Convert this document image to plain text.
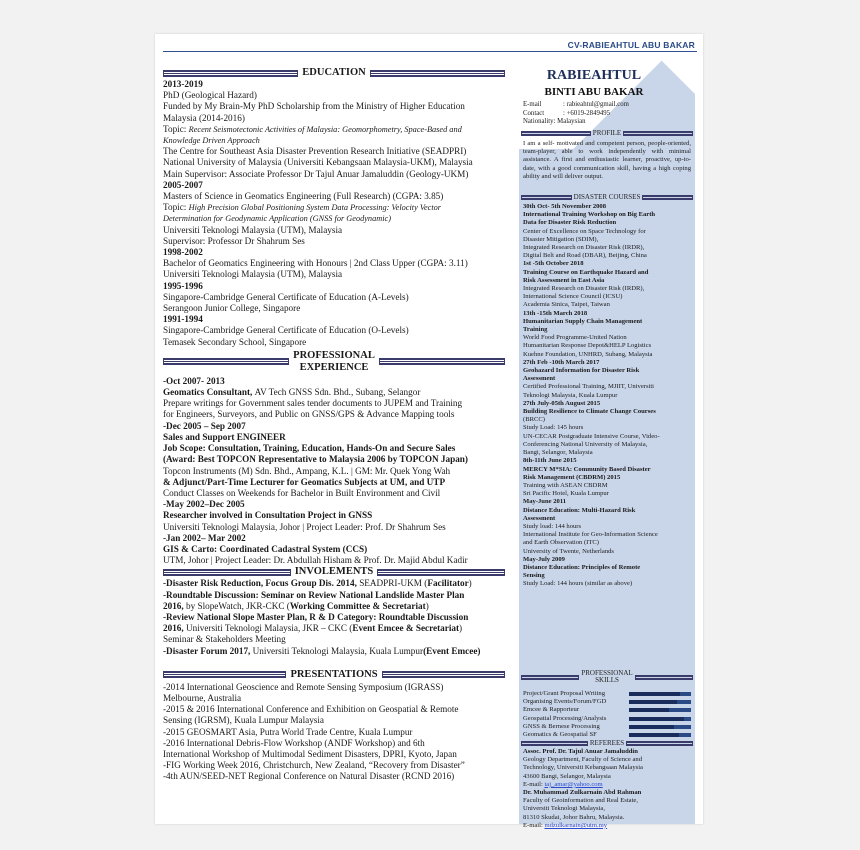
CV-RABIEAHTUL ABU BAKAR
EDUCATION
2013-2019
PhD (Geological Hazard)
Funded by My Brain-My PhD Scholarship from the Ministry of Higher Education
Malaysia (2014-2016)
Topic: Recent Seismotectonic Activities of Malaysia: Geomorphometry, Space-Based and
Knowledge Driven Approach
The Centre for Southeast Asia Disaster Prevention Research Initiative (SEADPRI)
National University of Malaysia (Universiti Kebangsaan Malaysia-UKM), Malaysia
Main Supervisor: Associate Professor Dr Tajul Anuar Jamaluddin (Geology-UKM)
2005-2007
Masters of Science in Geomatics Engineering (Full Research) (CGPA: 3.85)
Topic: High Precision Global Positioning System Data Processing: Velocity Vector
Determination for Geodynamic Application (GNSS for Geodynamic)
Universiti Teknologi Malaysia (UTM), Malaysia
Supervisor: Professor Dr Shahrum Ses
1998-2002
Bachelor of Geomatics Engineering with Honours | 2nd Class Upper (CGPA: 3.11)
Universiti Teknologi Malaysia (UTM), Malaysia
1995-1996
Singapore-Cambridge General Certificate of Education (A-Levels)
Serangoon Junior College, Singapore
1991-1994
Singapore-Cambridge General Certificate of Education (O-Levels)
Temasek Secondary School, Singapore
PROFESSIONAL
EXPERIENCE
-Oct 2007- 2013
Geomatics Consultant, AV Tech GNSS Sdn. Bhd., Subang, Selangor
Prepare writings for Government sales tender documents to JUPEM and Training
for Engineers, Surveyors, and Public on GNSS/GPS & Advance Mapping tools
-Dec 2005 – Sep 2007
Sales and Support ENGINEER
Job Scope: Consultation, Training, Education, Hands-On and Secure Sales
(Award: Best TOPCON Representative to Malaysia 2006 by TOPCON Japan)
Topcon Instruments (M) Sdn. Bhd., Ampang, K.L. | GM: Mr. Quek Yong Wah
& Adjunct/Part-Time Lecturer for Geomatics Subjects at UM, and UTP
Conduct Classes on Weekends for Bachelor in Built Environment and Civil
-May 2002–Dec 2005
Researcher involved in Consultation Project in GNSS
Universiti Teknologi Malaysia, Johor | Project Leader: Prof. Dr Shahrum Ses
-Jan 2002– Mar 2002
GIS & Carto: Coordinated Cadastral System (CCS)
UTM, Johor | Project Leader: Dr. Abdullah Hisham & Prof. Dr. Majid Abdul Kadir
INVOLEMENTS
-Disaster Risk Reduction, Focus Group Dis. 2014, SEADPRI-UKM (Facilitator)
-Roundtable Discussion: Seminar on Review National Landslide Master Plan
2016, by SlopeWatch, JKR-CKC (Working Committee & Secretariat)
-Review National Slope Master Plan, R & D Category: Roundtable Discussion
2016, Universiti Teknologi Malaysia, JKR – CKC (Event Emcee & Secretariat)
Seminar & Stakeholders Meeting
-Disaster Forum 2017, Universiti Teknologi Malaysia, Kuala Lumpur(Event Emcee)
PRESENTATIONS
-2014 International Geoscience and Remote Sensing Symposium (IGRASS)
Melbourne, Australia
-2015 & 2016 International Conference and Exhibition on Geospatial & Remote
Sensing (IGRSM), Kuala Lumpur Malaysia
-2015 GEOSMART Asia, Putra World Trade Centre, Kuala Lumpur
-2016 International Debris-Flow Workshop (ANDF Workshop) and 6th
International Workshop of Multimodal Sediment Disasters, DPRI, Kyoto, Japan
-FIG Working Week 2016, Christchurch, New Zealand, “Recovery from Disaster”
-4th AUN/SEED-NET Regional Conference on Natural Disaster (RCND 2016)
RABIEAHTUL
BINTI ABU BAKAR
E-mail	: rabieahtul@gmail.com
Contact	: +6019-2849495
Nationality: Malaysian
PROFILE
I am a self- motivated and competent person, people-oriented, team-player, able to work independently with minimal assistance. A first and enthusiastic learner, proactive, up-to-date, with a good communication skill, having a high coping ability and will deliver output.
DISASTER COURSES
30th Oct- 5th November 2008
International Training Workshop on Big Earth
Data for Disaster Risk Reduction
Center of Excellence on Space Technology for
Disaster Mitigation (SDIM),
Integrated Research on Disaster Risk (IRDR),
Digital Belt and Road (DBAR), Beijing, China
1st -5th October 2018
Training Course on Earthquake Hazard and
Risk Assessment in East Asia
Integrated Research on Disaster Risk (IRDR),
International Science Council (ICSU)
Academia Sinica, Taipei, Taiwan
13th -15th March 2018
Humanitarian Supply Chain Management
Training
World Food Programme-United Nation
Humanitarian Response Depot&HELP Logistics
Kuehne Foundation, UNHRD, Subang, Malaysia
27th Feb -10th March 2017
Geohazard Information for Disaster Risk
Assessment
Certified Professional Training, MJIIT, Universiti
Teknologi Malaysia, Kuala Lumpur
27th July-05th August 2015
Building Resilience to Climate Change Courses
(BRCC)
Study Load: 145 hours
UN-CECAR Postgraduate Intensive Course, Video-
Conferencing National University of Malaysia,
Bangi, Selangor, Malaysia
8th-11th June 2015
MERCY M*SIA: Community Based Disaster
Risk Management (CBDRM) 2015
Training with ASEAN CBDRM
Sri Pacific Hotel, Kuala Lumpur
May-June 2011
Distance Education: Multi-Hazard Risk
Assessment
Study load: 144 hours
International Institute for Geo-Information Science
and Earth Observation (ITC)
University of Twente, Netherlands
May-July 2009
Distance Education: Principles of Remote
Sensing
Study Load: 144 hours (similar as above)
PROFESSIONAL
SKILLS
Project/Grant Proposal Writing
Organising Events/Forum/FGD
Emcee & Rapporteur
Geospatial Processing/Analysis
GNSS & Bernese Processing
Geomatics & Geospatial SF
REFEREES
Assoc. Prof. Dr. Tajul Anuar Jamaluddin
Geology Department, Faculty of Science and
Technology, Universiti Kebangsaan Malaysia
43600 Bangi, Selangor, Malaysia
E-mail: taj_amar@yahoo.com
Dr. Muhammad Zulkarnain Abd Rahman
Faculty of Geoinformation and Real Estate,
Universiti Teknologi Malaysia,
81310 Skudai, Johor Bahru, Malaysia.
E-mail: mdzulkarnain@utm.my
